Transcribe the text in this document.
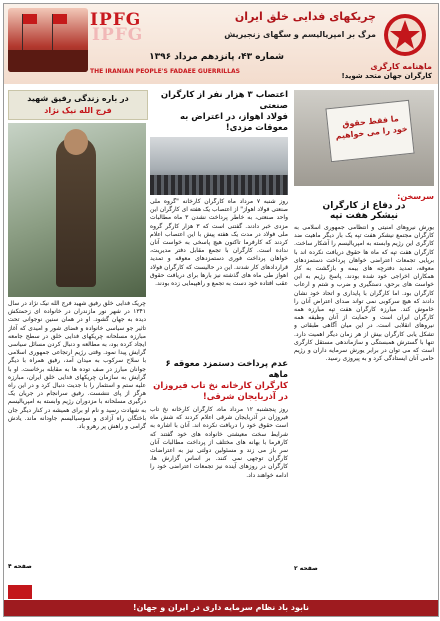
IPFG
IPFG	چریکهای فدایی خلق ایران
مرگ بر امپریالیسم و سگهای زنجیریش
شماره ۴۳، پانزدهم مرداد ۱۳۹۶
THE IRANIAN PEOPLE'S FADAEE GUERRILLAS
ماهنامه کارگری
کارگران جهان متحد شوید!
در باره زندگی رفیق شهید
فرج الله نیک نژاد
چریک فدایی خلق رفیق شهید فرج الله نیک نژاد در سال ۱۳۴۱ در شهر نور مازندران در خانواده ای زحمتکش دیده به جهان گشود. او در همان سنین نوجوانی تحت تاثیر جو سیاسی خانواده و فضای شور و امیدی که آغاز مبارزه مسلحانه چریکهای فدایی خلق در سطح جامعه ایجاد کرده بود، به مطالعه و دنبال کردن مسائل سیاسی گرایش پیدا نمود. وقتی رژیم ارتجاعی جمهوری اسلامی با سلاح سرکوب به میدان آمد، رفیق همراه با دیگر جوانان مبارز در صف توده ها به مقابله برخاست. او با گرایش به سازمان چریکهای فدایی خلق ایران، مبارزه علیه ستم و استثمار را با جدیت دنبال کرد و در این راه هرگز از پای ننشست. رفیق سرانجام در جریان یک درگیری مسلحانه با مزدوران رژیم وابسته به امپریالیسم به شهادت رسید و نام او برای همیشه در کنار دیگر جان باختگان راه آزادی و سوسیالیسم جاودانه ماند. یادش گرامی و راهش پر رهرو باد.
صفحه ۴
اعتصاب ۳ هزار نفر از کارگران صنعتی
فولاد اهواز، در اعتراض به معوقات مزدی!
روز شنبه ۷ مرداد ماه کارگران کارخانه "گروه ملی صنعتی فولاد اهواز" از اعتصاب یک هفته ای کارگران این واحد صنعتی، به خاطر پرداخت نشدن ۳ ماه مطالبات مزدی خبر دادند. گفتنی است که ۳ هزار کارگر گروه ملی فولاد در مدت یک هفته پیش با این اعتصاب اعلام کردند که کارفرما تاکنون هیچ پاسخی به خواست آنان نداده است. کارگران با تجمع مقابل دفتر مدیریت، خواهان پرداخت فوری دستمزدهای معوقه و تمدید قراردادهای کار شدند. این در حالیست که کارگران فولاد اهواز طی ماه های گذشته نیز بارها برای دریافت حقوق عقب افتاده خود دست به تجمع و راهپیمایی زده بودند.
عدم پرداخت دستمزد معوقه ۶ ماهه
کارگران کارخانه نخ تاب فیروزان در آذربایجان شرقی!
روز پنجشنبه ۱۲ مرداد ماه، کارگران کارخانه نخ تاب فیروزان در آذربایجان شرقی اعلام کردند که شش ماه است حقوق خود را دریافت نکرده اند. آنان با اشاره به شرایط سخت معیشتی خانواده های خود گفتند که کارفرما با بهانه های مختلف از پرداخت مطالبات آنان سر باز می زند و مسئولین دولتی نیز به اعتراضات کارگران توجهی نمی کنند. بر اساس گزارش ها، کارگران در روزهای آینده نیز تجمعات اعتراضی خود را ادامه خواهند داد.
ما فقط حقوق خود را می خواهیم
سرسخن:
در دفاع از کارگران
نیشکر هفت تپه
یورش نیروهای امنیتی و انتظامی جمهوری اسلامی به کارگران مجتمع نیشکر هفت تپه یک بار دیگر ماهیت ضد کارگری این رژیم وابسته به امپریالیسم را آشکار ساخت. کارگران هفت تپه که ماه ها حقوق دریافت نکرده اند با برپایی تجمعات اعتراضی خواهان پرداخت دستمزدهای معوقه، تمدید دفترچه های بیمه و بازگشت به کار همکاران اخراجی خود شده بودند. پاسخ رژیم به این خواست های برحق، دستگیری و ضرب و شتم و ارعاب کارگران بود. اما کارگران با پایداری و اتحاد خود نشان دادند که هیچ سرکوبی نمی تواند صدای اعتراض آنان را خاموش کند. مبارزه کارگران هفت تپه مبارزه همه کارگران ایران است و حمایت از آنان وظیفه همه نیروهای انقلابی است. در این میان آگاهی طبقاتی و تشکل یابی کارگران بیش از هر زمان دیگر اهمیت دارد. تنها با گسترش همبستگی و سازماندهی مستقل کارگری است که می توان در برابر یورش سرمایه داران و رژیم حامی آنان ایستادگی کرد و به پیروزی رسید.
صفحه ۲
نابود باد نظام سرمایه داری در ایران و جهان!
